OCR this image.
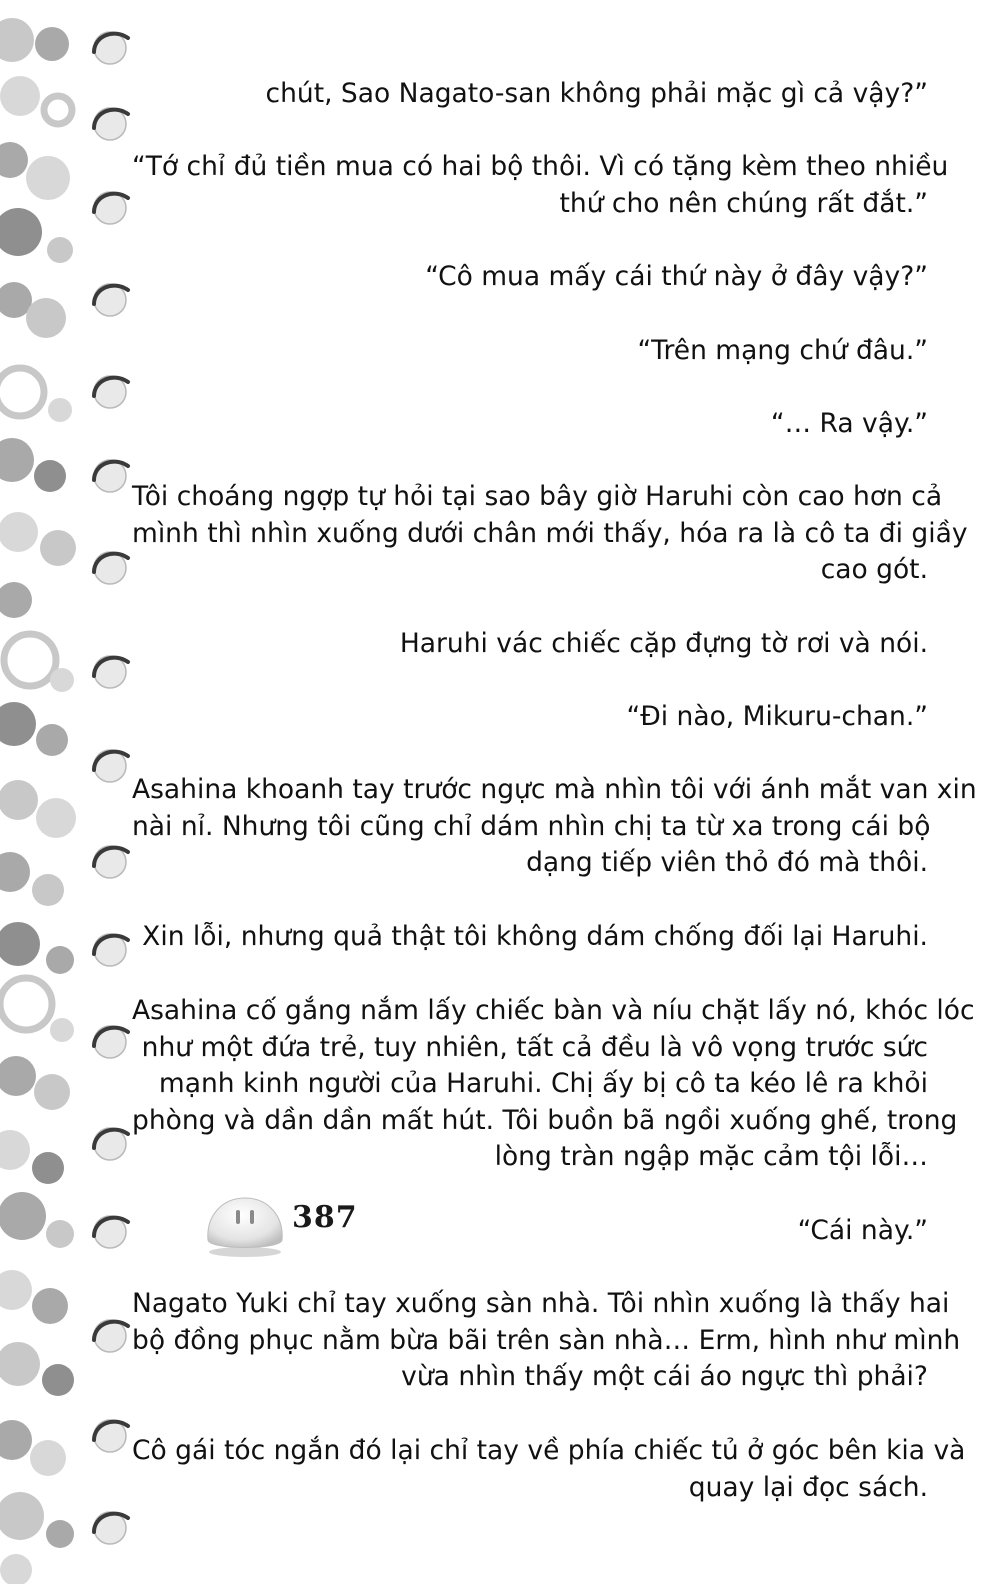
chút, Sao Nagato-san không phải mặc gì cả vậy?”

“Tớ chỉ đủ tiền mua có hai bộ thôi. Vì có tặng kèm theo nhiều
thứ cho nên chúng rất đắt.”

“Cô mua mấy cái thứ này ở đây vậy?”

“Trên mạng chứ đâu.”

“… Ra vậy.”

Tôi choáng ngợp tự hỏi tại sao bây giờ Haruhi còn cao hơn cả
mình thì nhìn xuống dưới chân mới thấy, hóa ra là cô ta đi giầy
cao gót.

Haruhi vác chiếc cặp đựng tờ rơi và nói.

“Đi nào, Mikuru-chan.”

Asahina khoanh tay trước ngực mà nhìn tôi với ánh mắt van xin
nài nỉ. Nhưng tôi cũng chỉ dám nhìn chị ta từ xa trong cái bộ
dạng tiếp viên thỏ đó mà thôi.

Xin lỗi, nhưng quả thật tôi không dám chống đối lại Haruhi.

Asahina cố gắng nắm lấy chiếc bàn và níu chặt lấy nó, khóc lóc
như một đứa trẻ, tuy nhiên, tất cả đều là vô vọng trước sức
mạnh kinh người của Haruhi. Chị ấy bị cô ta kéo lê ra khỏi
phòng và dần dần mất hút. Tôi buồn bã ngồi xuống ghế, trong
lòng tràn ngập mặc cảm tội lỗi…

“Cái này.”

Nagato Yuki chỉ tay xuống sàn nhà. Tôi nhìn xuống là thấy hai
bộ đồng phục nằm bừa bãi trên sàn nhà… Erm, hình như mình
vừa nhìn thấy một cái áo ngực thì phải?

Cô gái tóc ngắn đó lại chỉ tay về phía chiếc tủ ở góc bên kia và
quay lại đọc sách.

387
